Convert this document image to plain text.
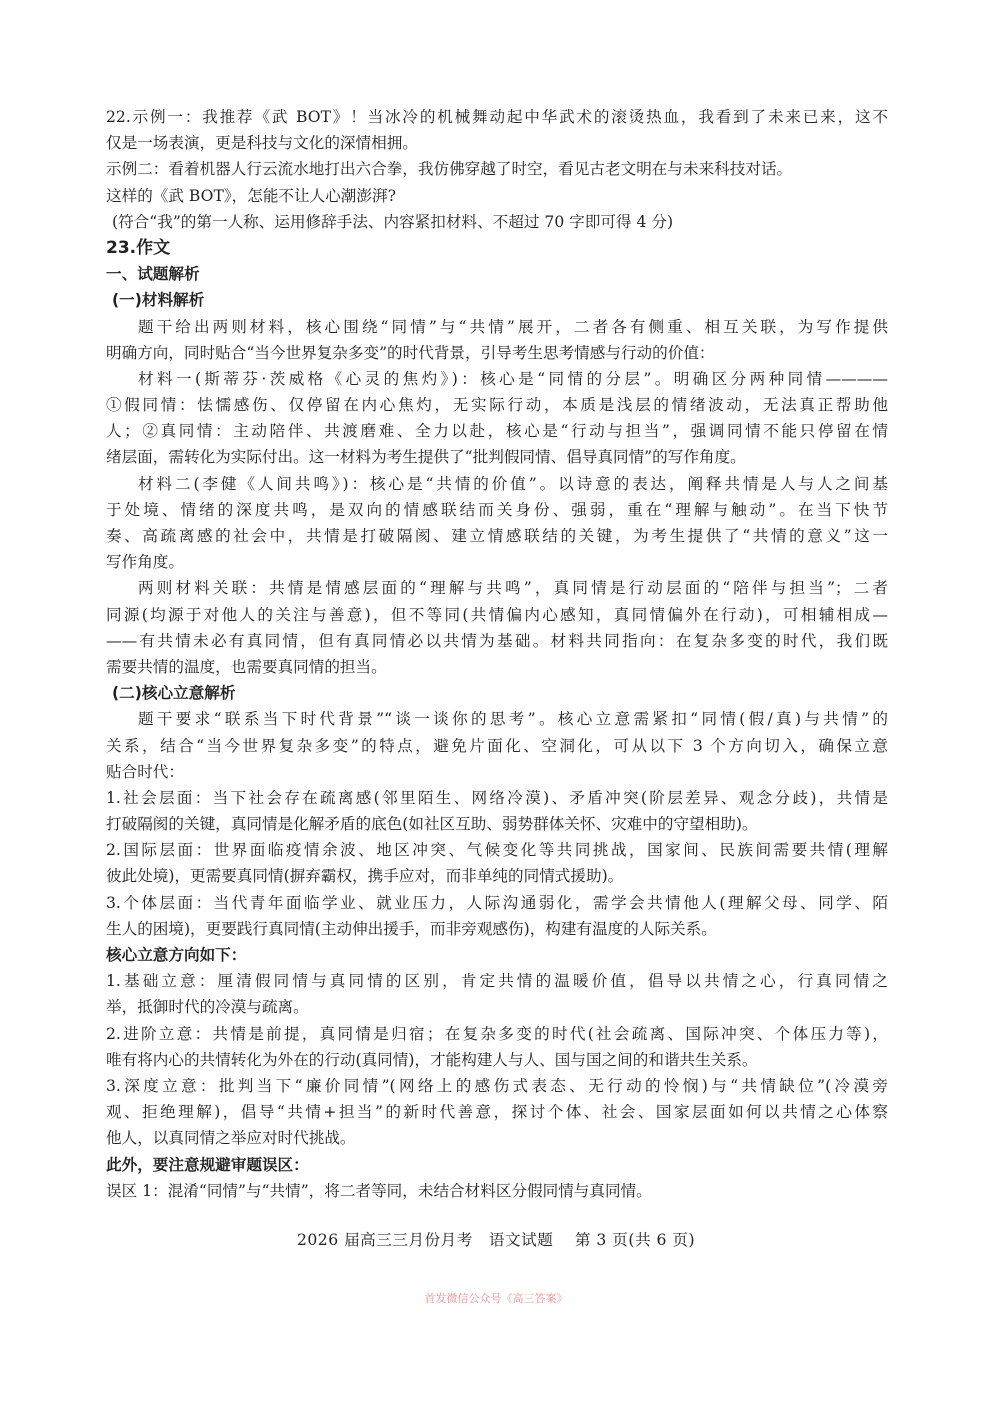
22.示例一：我推荐《武 BOT》！当冰冷的机械舞动起中华武术的滚烫热血，我看到了未来已来，这不
仅是一场表演，更是科技与文化的深情相拥。
示例二：看着机器人行云流水地打出六合拳，我仿佛穿越了时空，看见古老文明在与未来科技对话。
这样的《武 BOT》，怎能不让人心潮澎湃?
(符合“我”的第一人称、运用修辞手法、内容紧扣材料、不超过 70 字即可得 4 分)
23.作文
一、试题解析
(一)材料解析
题干给出两则材料，核心围绕“同情”与“共情”展开，二者各有侧重、相互关联，为写作提供
明确方向，同时贴合“当今世界复杂多变”的时代背景，引导考生思考情感与行动的价值：
材料一(斯蒂芬·茨威格《心灵的焦灼》)：核心是“同情的分层”。明确区分两种同情————
①假同情：怯懦感伤、仅停留在内心焦灼，无实际行动，本质是浅层的情绪波动，无法真正帮助他
人；②真同情：主动陪伴、共渡磨难、全力以赴，核心是“行动与担当”，强调同情不能只停留在情
绪层面，需转化为实际付出。这一材料为考生提供了“批判假同情、倡导真同情”的写作角度。
材料二(李健《人间共鸣》)：核心是“共情的价值”。以诗意的表达，阐释共情是人与人之间基
于处境、情绪的深度共鸣，是双向的情感联结而关身份、强弱，重在“理解与触动”。在当下快节
奏、高疏离感的社会中，共情是打破隔阂、建立情感联结的关键，为考生提供了“共情的意义”这一
写作角度。
两则材料关联：共情是情感层面的“理解与共鸣”，真同情是行动层面的“陪伴与担当”；二者
同源(均源于对他人的关注与善意)，但不等同(共情偏内心感知，真同情偏外在行动)，可相辅相成—
——有共情未必有真同情，但有真同情必以共情为基础。材料共同指向：在复杂多变的时代，我们既
需要共情的温度，也需要真同情的担当。
(二)核心立意解析
题干要求“联系当下时代背景”“谈一谈你的思考”。核心立意需紧扣“同情(假/真)与共情”的
关系，结合“当今世界复杂多变”的特点，避免片面化、空洞化，可从以下 3 个方向切入，确保立意
贴合时代：
1.社会层面：当下社会存在疏离感(邻里陌生、网络冷漠)、矛盾冲突(阶层差异、观念分歧)，共情是
打破隔阂的关键，真同情是化解矛盾的底色(如社区互助、弱势群体关怀、灾难中的守望相助)。
2.国际层面：世界面临疫情余波、地区冲突、气候变化等共同挑战，国家间、民族间需要共情(理解
彼此处境)，更需要真同情(摒弃霸权，携手应对，而非单纯的同情式援助)。
3.个体层面：当代青年面临学业、就业压力，人际沟通弱化，需学会共情他人(理解父母、同学、陌
生人的困境)，更要践行真同情(主动伸出援手，而非旁观感伤)，构建有温度的人际关系。
核心立意方向如下：
1.基础立意：厘清假同情与真同情的区别，肯定共情的温暖价值，倡导以共情之心，行真同情之
举，抵御时代的冷漠与疏离。
2.进阶立意：共情是前提，真同情是归宿；在复杂多变的时代(社会疏离、国际冲突、个体压力等)，
唯有将内心的共情转化为外在的行动(真同情)，才能构建人与人、国与国之间的和谐共生关系。
3.深度立意：批判当下“廉价同情”(网络上的感伤式表态、无行动的怜悯)与“共情缺位”(冷漠旁
观、拒绝理解)，倡导“共情+担当”的新时代善意，探讨个体、社会、国家层面如何以共情之心体察
他人，以真同情之举应对时代挑战。
此外，要注意规避审题误区：
误区 1：混淆“同情”与“共情”，将二者等同，未结合材料区分假同情与真同情。
2026 届高三三月份月考　语文试题　 第 3 页(共 6 页)
首发微信公众号《高三答案》
